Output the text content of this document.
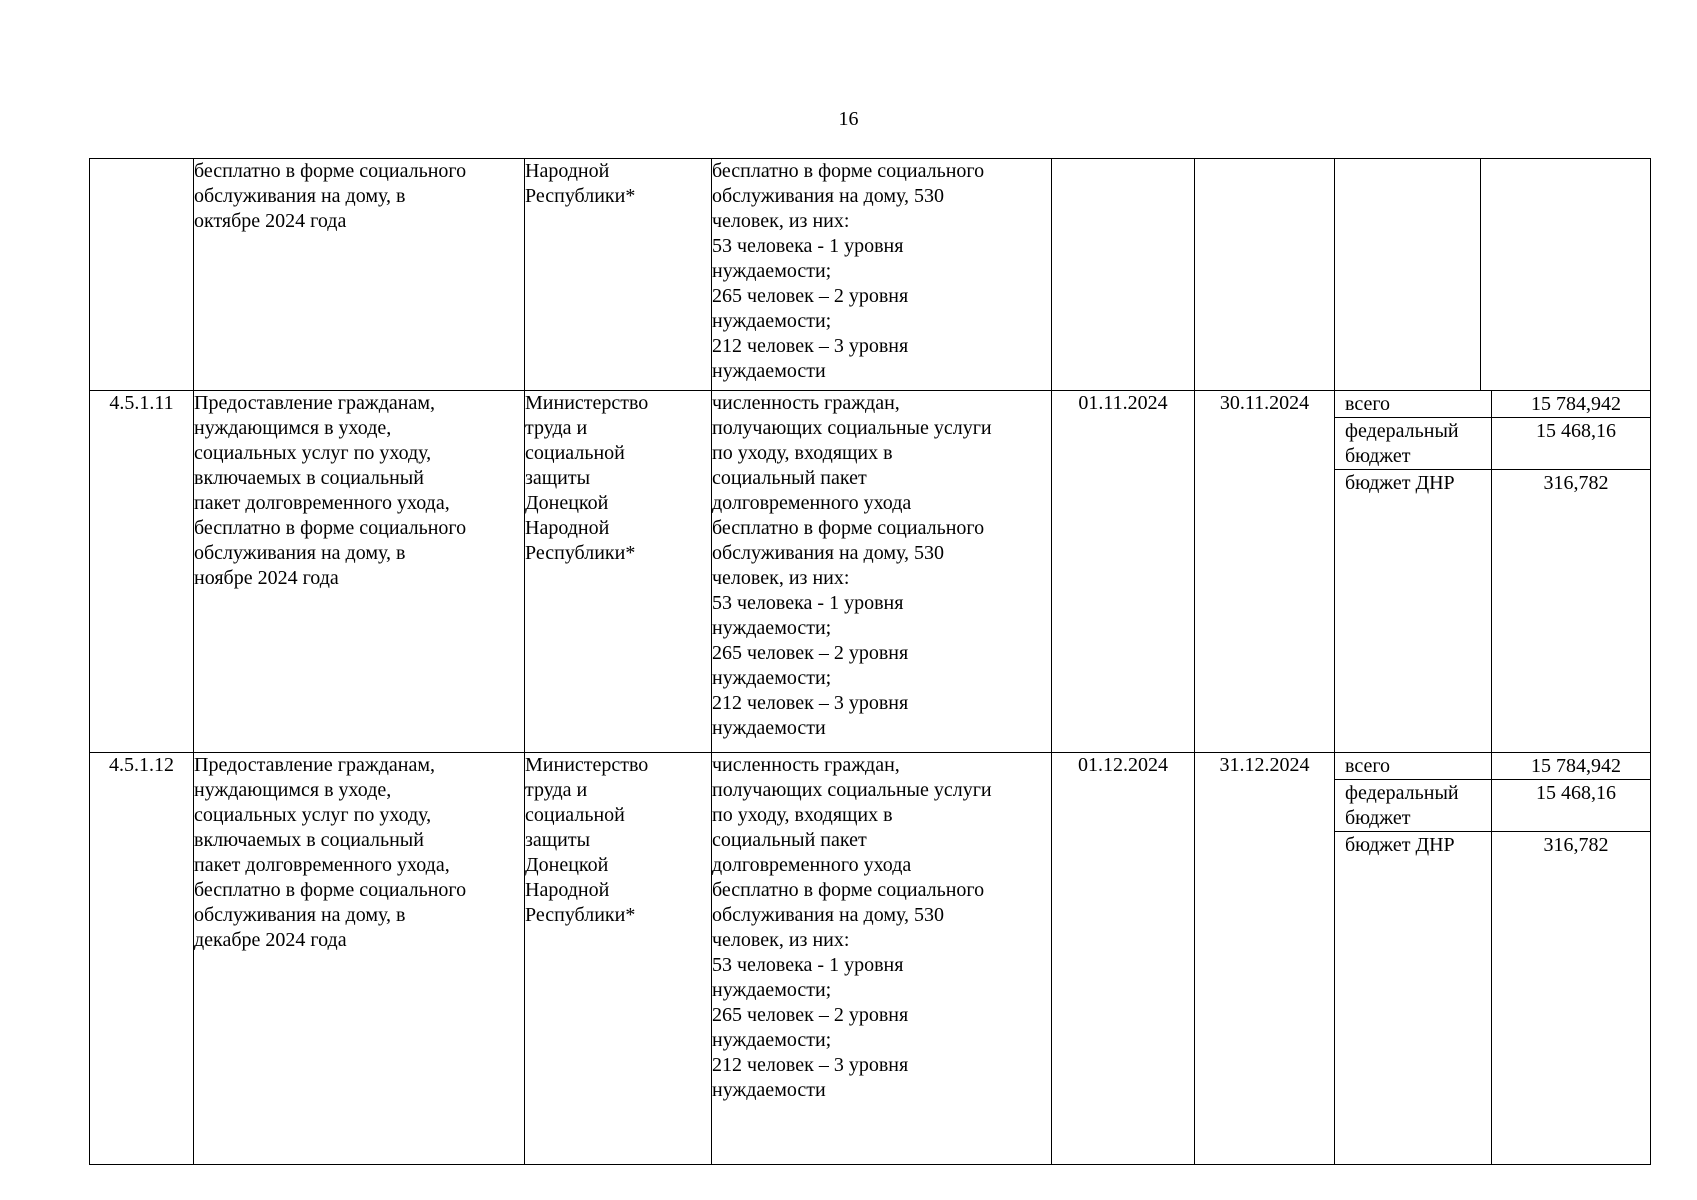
16
	бесплатно в форме социального
обслуживания на дому, в
октябре 2024 года	Народной
Республики*	бесплатно в форме социального
обслуживания на дому, 530
человек, из них:
53 человека - 1 уровня
нуждаемости;
265 человек – 2 уровня
нуждаемости;
212 человек – 3 уровня
нуждаемости				
4.5.1.11	Предоставление гражданам,
нуждающимся в уходе,
социальных услуг по уходу,
включаемых в социальный
пакет долговременного ухода,
бесплатно в форме социального
обслуживания на дому, в
ноябре 2024 года	Министерство
труда и
социальной
защиты
Донецкой
Народной
Республики*	численность граждан,
получающих социальные услуги
по уходу, входящих в
социальный пакет
долговременного ухода
бесплатно в форме социального
обслуживания на дому, 530
человек, из них:
53 человека - 1 уровня
нуждаемости;
265 человек – 2 уровня
нуждаемости;
212 человек – 3 уровня
нуждаемости	01.11.2024	30.11.2024	всего	15 784,942
федеральный
бюджет	15 468,16
бюджет ДНР	316,782

4.5.1.12	Предоставление гражданам,
нуждающимся в уходе,
социальных услуг по уходу,
включаемых в социальный
пакет долговременного ухода,
бесплатно в форме социального
обслуживания на дому, в
декабре 2024 года	Министерство
труда и
социальной
защиты
Донецкой
Народной
Республики*	численность граждан,
получающих социальные услуги
по уходу, входящих в
социальный пакет
долговременного ухода
бесплатно в форме социального
обслуживания на дому, 530
человек, из них:
53 человека - 1 уровня
нуждаемости;
265 человек – 2 уровня
нуждаемости;
212 человек – 3 уровня
нуждаемости	01.12.2024	31.12.2024	всего	15 784,942
федеральный
бюджет	15 468,16
бюджет ДНР	316,782
